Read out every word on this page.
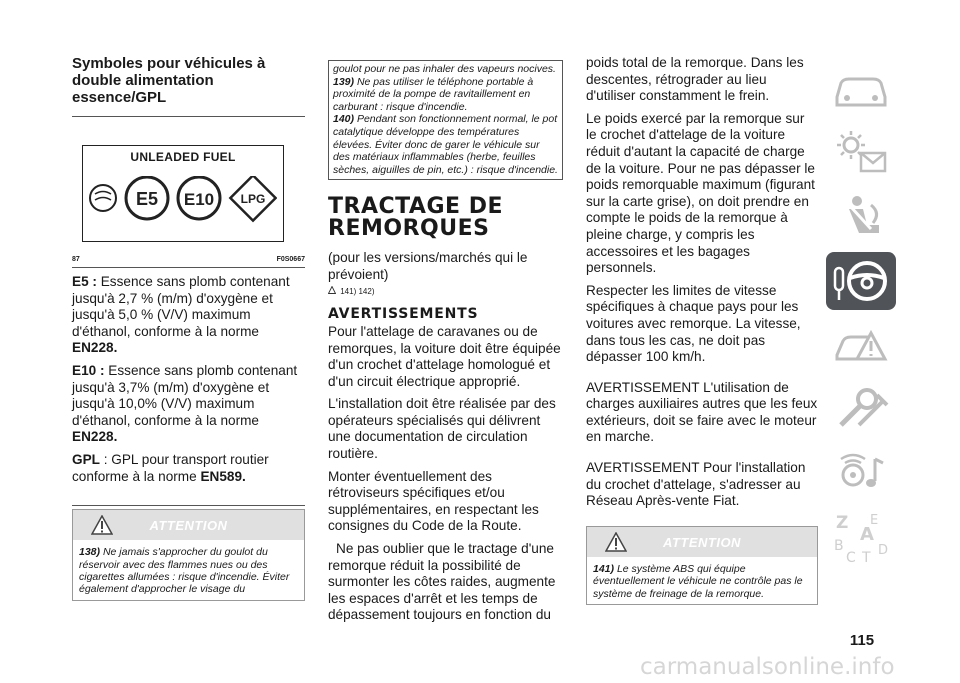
Symboles pour véhicules à double alimentation essence/GPL

UNLEADED FUEL
E5 E10 LPG
87	F0S0667

E5 : Essence sans plomb contenant jusqu'à 2,7 % (m/m) d'oxygène et jusqu'à 5,0 % (V/V) maximum d'éthanol, conforme à la norme EN228.

E10 : Essence sans plomb contenant jusqu'à 3,7% (m/m) d'oxygène et jusqu'à 10,0% (V/V) maximum d'éthanol, conforme à la norme EN228.

GPL : GPL pour transport routier conforme à la norme EN589.

ATTENTION
138) Ne jamais s'approcher du goulot du réservoir avec des flammes nues ou des cigarettes allumées : risque d'incendie. Éviter également d'approcher le visage du
goulot pour ne pas inhaler des vapeurs nocives.
139) Ne pas utiliser le téléphone portable à proximité de la pompe de ravitaillement en carburant : risque d'incendie.
140) Pendant son fonctionnement normal, le pot catalytique développe des températures élevées. Éviter donc de garer le véhicule sur des matériaux inflammables (herbe, feuilles sèches, aiguilles de pin, etc.) : risque d'incendie.
TRACTAGE DE
REMORQUES

(pour les versions/marchés qui le prévoient)

141) 142)
AVERTISSEMENTS

Pour l'attelage de caravanes ou de remorques, la voiture doit être équipée d'un crochet d'attelage homologué et d'un circuit électrique approprié.

L'installation doit être réalisée par des opérateurs spécialisés qui délivrent une documentation de circulation routière.

Monter éventuellement des rétroviseurs spécifiques et/ou supplémentaires, en respectant les consignes du Code de la Route.

Ne pas oublier que le tractage d'une remorque réduit la possibilité de surmonter les côtes raides, augmente les espaces d'arrêt et les temps de dépassement toujours en fonction du

poids total de la remorque. Dans les descentes, rétrograder au lieu d'utiliser constamment le frein.

Le poids exercé par la remorque sur le crochet d'attelage de la voiture réduit d'autant la capacité de charge de la voiture. Pour ne pas dépasser le poids remorquable maximum (figurant sur la carte grise), on doit prendre en compte le poids de la remorque à pleine charge, y compris les accessoires et les bagages personnels.

Respecter les limites de vitesse spécifiques à chaque pays pour les voitures avec remorque. La vitesse, dans tous les cas, ne doit pas dépasser 100 km/h.

AVERTISSEMENT L'utilisation de charges auxiliaires autres que les feux extérieurs, doit se faire avec le moteur en marche.

AVERTISSEMENT Pour l'installation du crochet d'attelage, s'adresser au Réseau Après-vente Fiat.

ATTENTION
141) Le système ABS qui équipe éventuellement le véhicule ne contrôle pas le système de freinage de la remorque.
Z E
A
B
C T D
115
carmanualsonline.info
